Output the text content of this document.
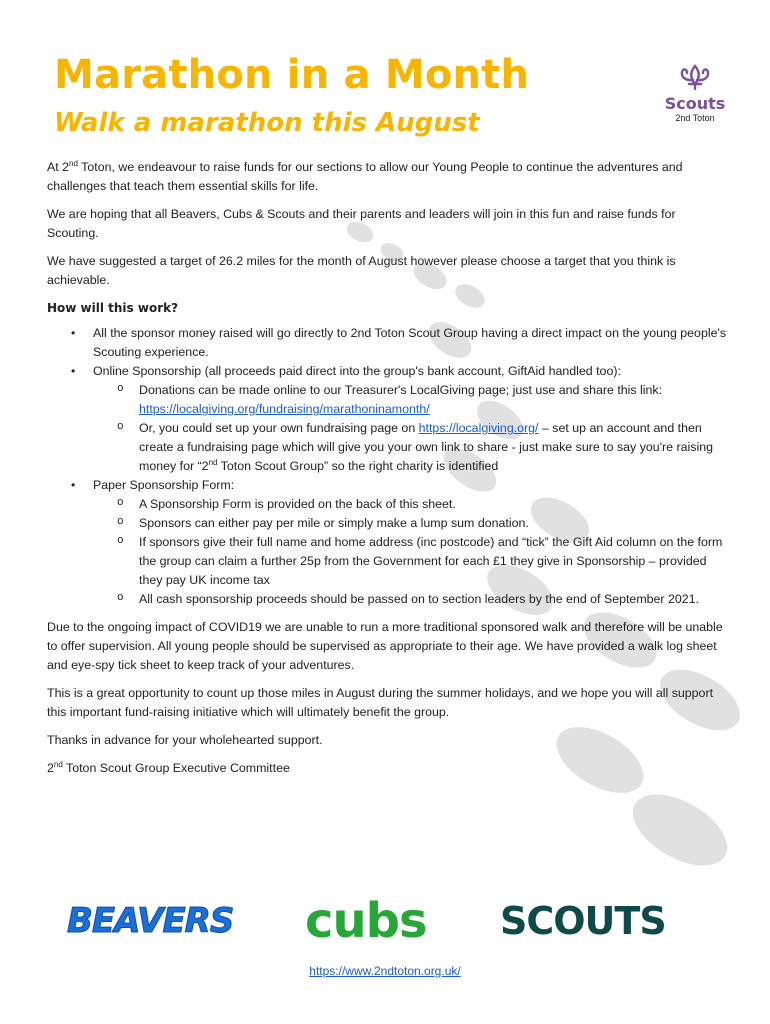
Marathon in a Month
Walk a marathon this August
Scouts
2nd Toton

At 2nd Toton, we endeavour to raise funds for our sections to allow our Young People to continue the adventures and challenges that teach them essential skills for life.

We are hoping that all Beavers, Cubs & Scouts and their parents and leaders will join in this fun and raise funds for Scouting.

We have suggested a target of 26.2 miles for the month of August however please choose a target that you think is achievable.

How will this work?
• All the sponsor money raised will go directly to 2nd Toton Scout Group having a direct impact on the young people's Scouting experience.
• Online Sponsorship (all proceeds paid direct into the group's bank account, GiftAid handled too):
o Donations can be made online to our Treasurer's LocalGiving page; just use and share this link: https://localgiving.org/fundraising/marathoninamonth/
o Or, you could set up your own fundraising page on https://localgiving.org/ – set up an account and then create a fundraising page which will give you your own link to share - just make sure to say you're raising money for “2nd Toton Scout Group” so the right charity is identified
• Paper Sponsorship Form:
o A Sponsorship Form is provided on the back of this sheet.
o Sponsors can either pay per mile or simply make a lump sum donation.
o If sponsors give their full name and home address (inc postcode) and “tick” the Gift Aid column on the form the group can claim a further 25p from the Government for each £1 they give in Sponsorship – provided they pay UK income tax
o All cash sponsorship proceeds should be passed on to section leaders by the end of September 2021.

Due to the ongoing impact of COVID19 we are unable to run a more traditional sponsored walk and therefore will be unable to offer supervision. All young people should be supervised as appropriate to their age. We have provided a walk log sheet and eye-spy tick sheet to keep track of your adventures.

This is a great opportunity to count up those miles in August during the summer holidays, and we hope you will all support this important fund-raising initiative which will ultimately benefit the group.

Thanks in advance for your wholehearted support.

2nd Toton Scout Group Executive Committee

BEAVERS cubs SCOUTS
https://www.2ndtoton.org.uk/
